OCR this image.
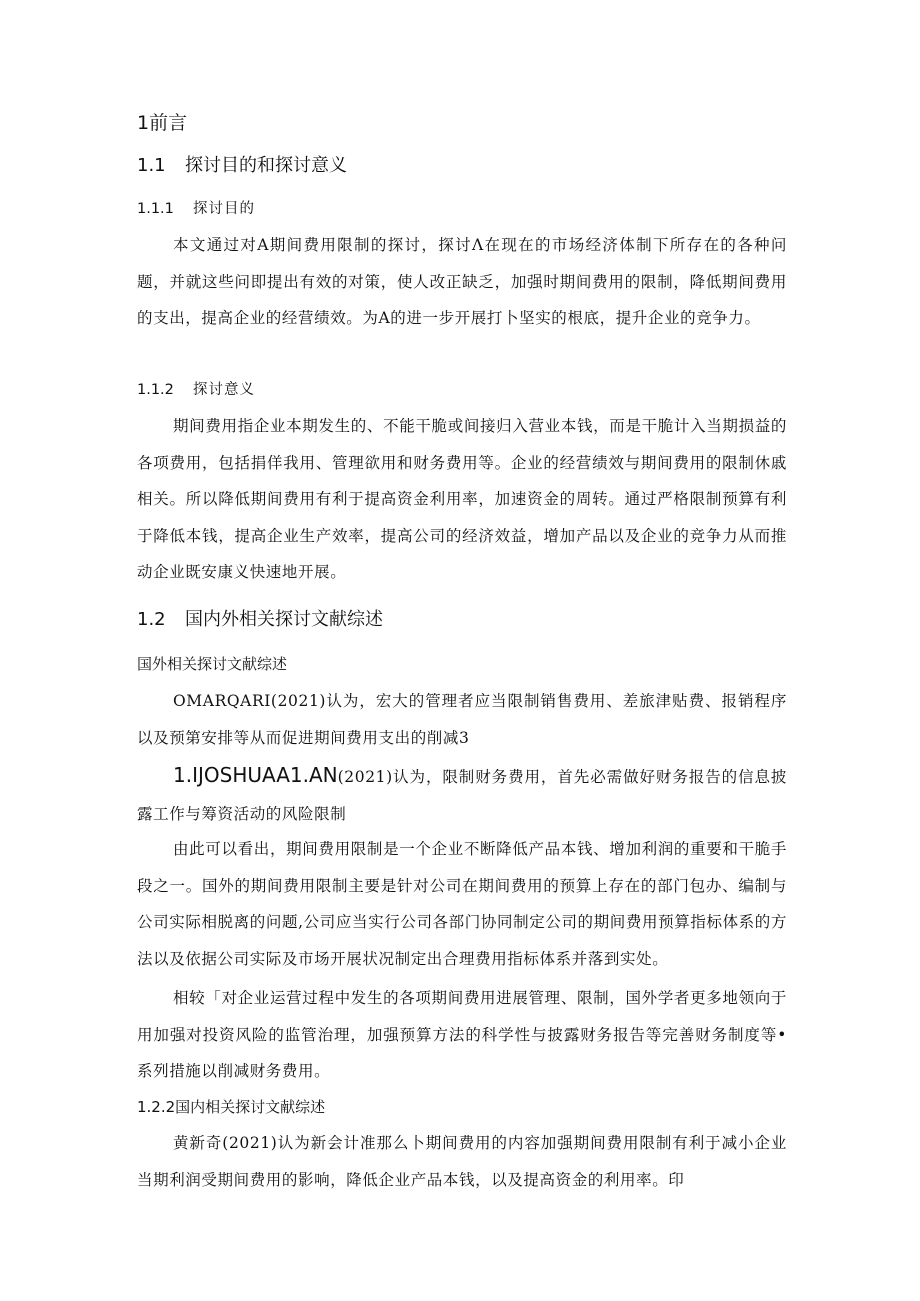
1前言
1.1 探讨目的和探讨意义
1.1.1 探讨目的

本文通过对A期间费用限制的探讨，探讨Λ在现在的市场经济体制下所存在的各种问题，并就这些问即提出有效的对策，使人改正缺乏，加强时期间费用的限制，降低期间费用的支出，提高企业的经营绩效。为A的进一步开展打卜坚实的根底，提升企业的竞争力。

1.1.2 探讨意义

期间费用指企业本期发生的、不能干脆或间接归入营业本钱，而是干脆计入当期损益的各项费用，包括捐佯我用、管理欲用和财务费用等。企业的经营绩效与期间费用的限制休戚相关。所以降低期间费用有利于提高资金利用率，加速资金的周转。通过严格限制预算有利于降低本钱，提高企业生产效率，提高公司的经济效益，增加产品以及企业的竞争力从而推动企业既安康义快速地开展。

1.2 国内外相关探讨文献综述
国外相关探讨文献综述

OMARQARI(2021)认为，宏大的管理者应当限制销售费用、差旅津贴费、报销程序以及预第安排等从而促进期间费用支出的削减3

1.IJOSHUAA1.AN(2021)认为，限制财务费用，首先必需做好财务报告的信息披露工作与筹资活动的风险限制

由此可以看出，期间费用限制是一个企业不断降低产品本钱、增加利润的重要和干脆手段之一。国外的期间费用限制主要是针对公司在期间费用的预算上存在的部门包办、编制与公司实际相脱离的问题,公司应当实行公司各部门协同制定公司的期间费用预算指标体系的方法以及依据公司实际及市场开展状况制定出合理费用指标体系并落到实处。

相较「对企业运营过程中发生的各项期间费用进展管理、限制，国外学者更多地领向于用加强对投资风险的监管治理，加强预算方法的科学性与披露财务报告等完善财务制度等•系列措施以削减财务费用。

1.2.2国内相关探讨文献综述

黄新奇(2021)认为新会计准那么卜期间费用的内容加强期间费用限制有利于减小企业当期利润受期间费用的影响，降低企业产品本钱，以及提高资金的利用率。印
